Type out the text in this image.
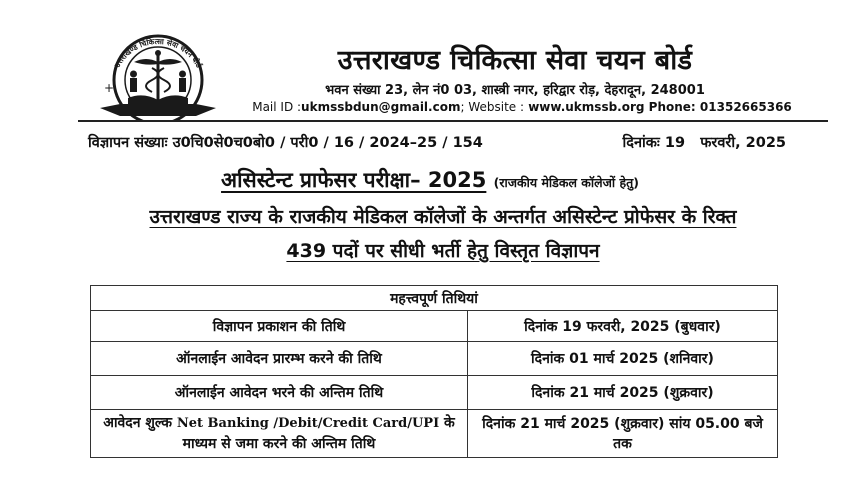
उत्तराखण्ड चिकित्सा सेवा चयन बोर्ड
+
उत्तराखण्ड चिकित्सा सेवा चयन बोर्ड
भवन संख्या 23, लेन नं0 03, शास्त्री नगर, हरिद्वार रोड़, देहरादून, 248001
Mail ID :ukmssbdun@gmail.com; Website : www.ukmssb.org Phone: 01352665366
विज्ञापन संख्याः उ0चि0से0च0बो0 / परी0 / 16 / 2024–25 / 154	दिनांकः 19   फरवरी, 2025
असिस्टेन्ट प्राफेसर परीक्षा– 2025 (राजकीय मेडिकल कॉलेजों हेतु)
उत्तराखण्ड राज्य के राजकीय मेडिकल कॉलेजों के अन्तर्गत असिस्टेन्ट प्रोफेसर के रिक्त
439 पदों पर सीधी भर्ती हेतु विस्तृत विज्ञापन
महत्त्वपूर्ण तिथियां	
विज्ञापन प्रकाशन की तिथि	दिनांक 19 फरवरी, 2025 (बुधवार)
ऑनलाईन आवेदन प्रारम्भ करने की तिथि	दिनांक 01 मार्च 2025 (शनिवार)
ऑनलाईन आवेदन भरने की अन्तिम तिथि	दिनांक 21 मार्च 2025 (शुक्रवार)
आवेदन शुल्क Net Banking /Debit/Credit Card/UPI के माध्यम से जमा करने की अन्तिम तिथि	दिनांक 21 मार्च 2025 (शुक्रवार) सांय 05.00 बजे तक
